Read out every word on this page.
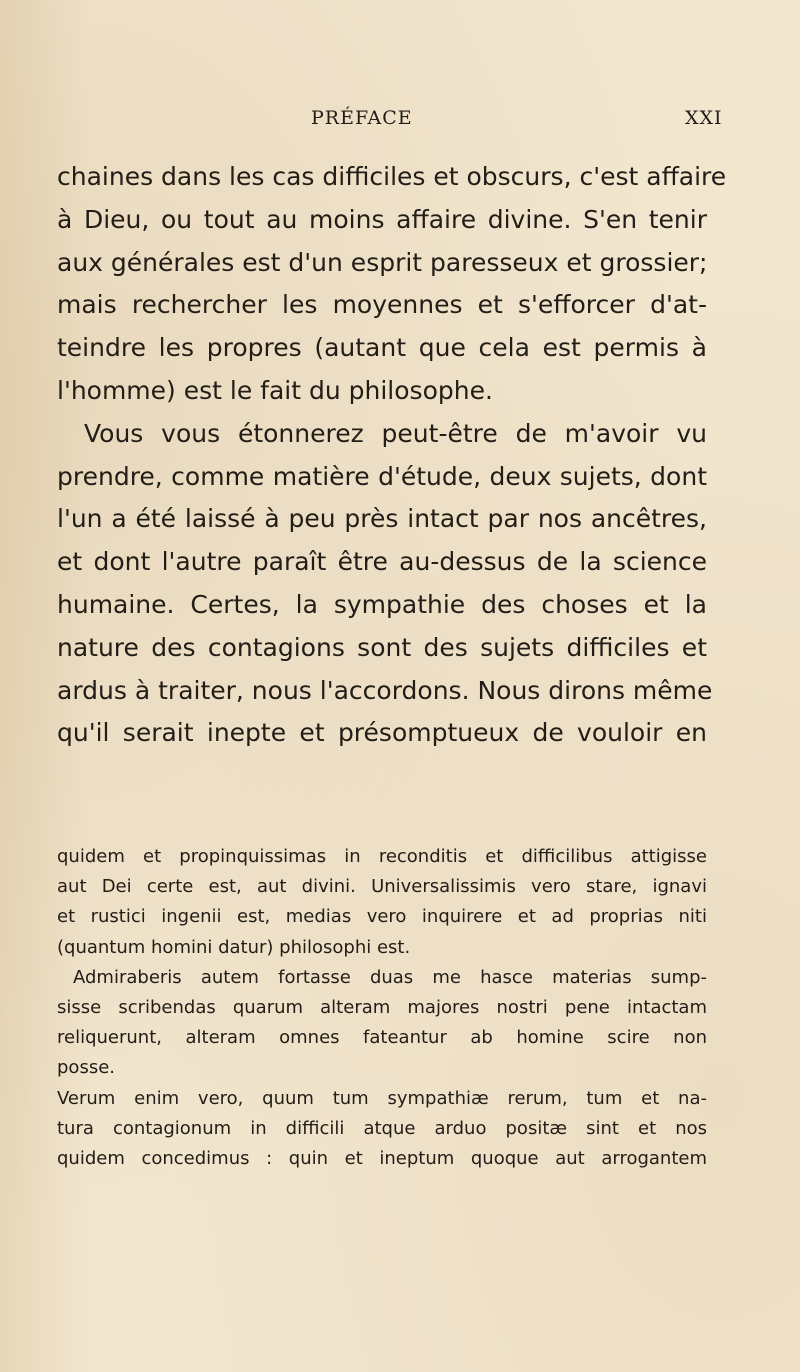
PRÉFACE	XXI
chaines dans les cas difficiles et obscurs, c'est affaire
à Dieu, ou tout au moins affaire divine. S'en tenir
aux générales est d'un esprit paresseux et grossier;
mais rechercher les moyennes et s'efforcer d'at-
teindre les propres (autant que cela est permis à
l'homme) est le fait du philosophe.
Vous vous étonnerez peut-être de m'avoir vu
prendre, comme matière d'étude, deux sujets, dont
l'un a été laissé à peu près intact par nos ancêtres,
et dont l'autre paraît être au-dessus de la science
humaine. Certes, la sympathie des choses et la
nature des contagions sont des sujets difficiles et
ardus à traiter, nous l'accordons. Nous dirons même
qu'il serait inepte et présomptueux de vouloir en
quidem et propinquissimas in reconditis et difficilibus attigisse
aut Dei certe est, aut divini. Universalissimis vero stare, ignavi
et rustici ingenii est, medias vero inquirere et ad proprias niti
(quantum homini datur) philosophi est.
Admiraberis autem fortasse duas me hasce materias sump-
sisse scribendas quarum alteram majores nostri pene intactam
reliquerunt, alteram omnes fateantur ab homine scire non
posse.
Verum enim vero, quum tum sympathiæ rerum, tum et na-
tura contagionum in difficili atque arduo positæ sint et nos
quidem concedimus : quin et ineptum quoque aut arrogantem
